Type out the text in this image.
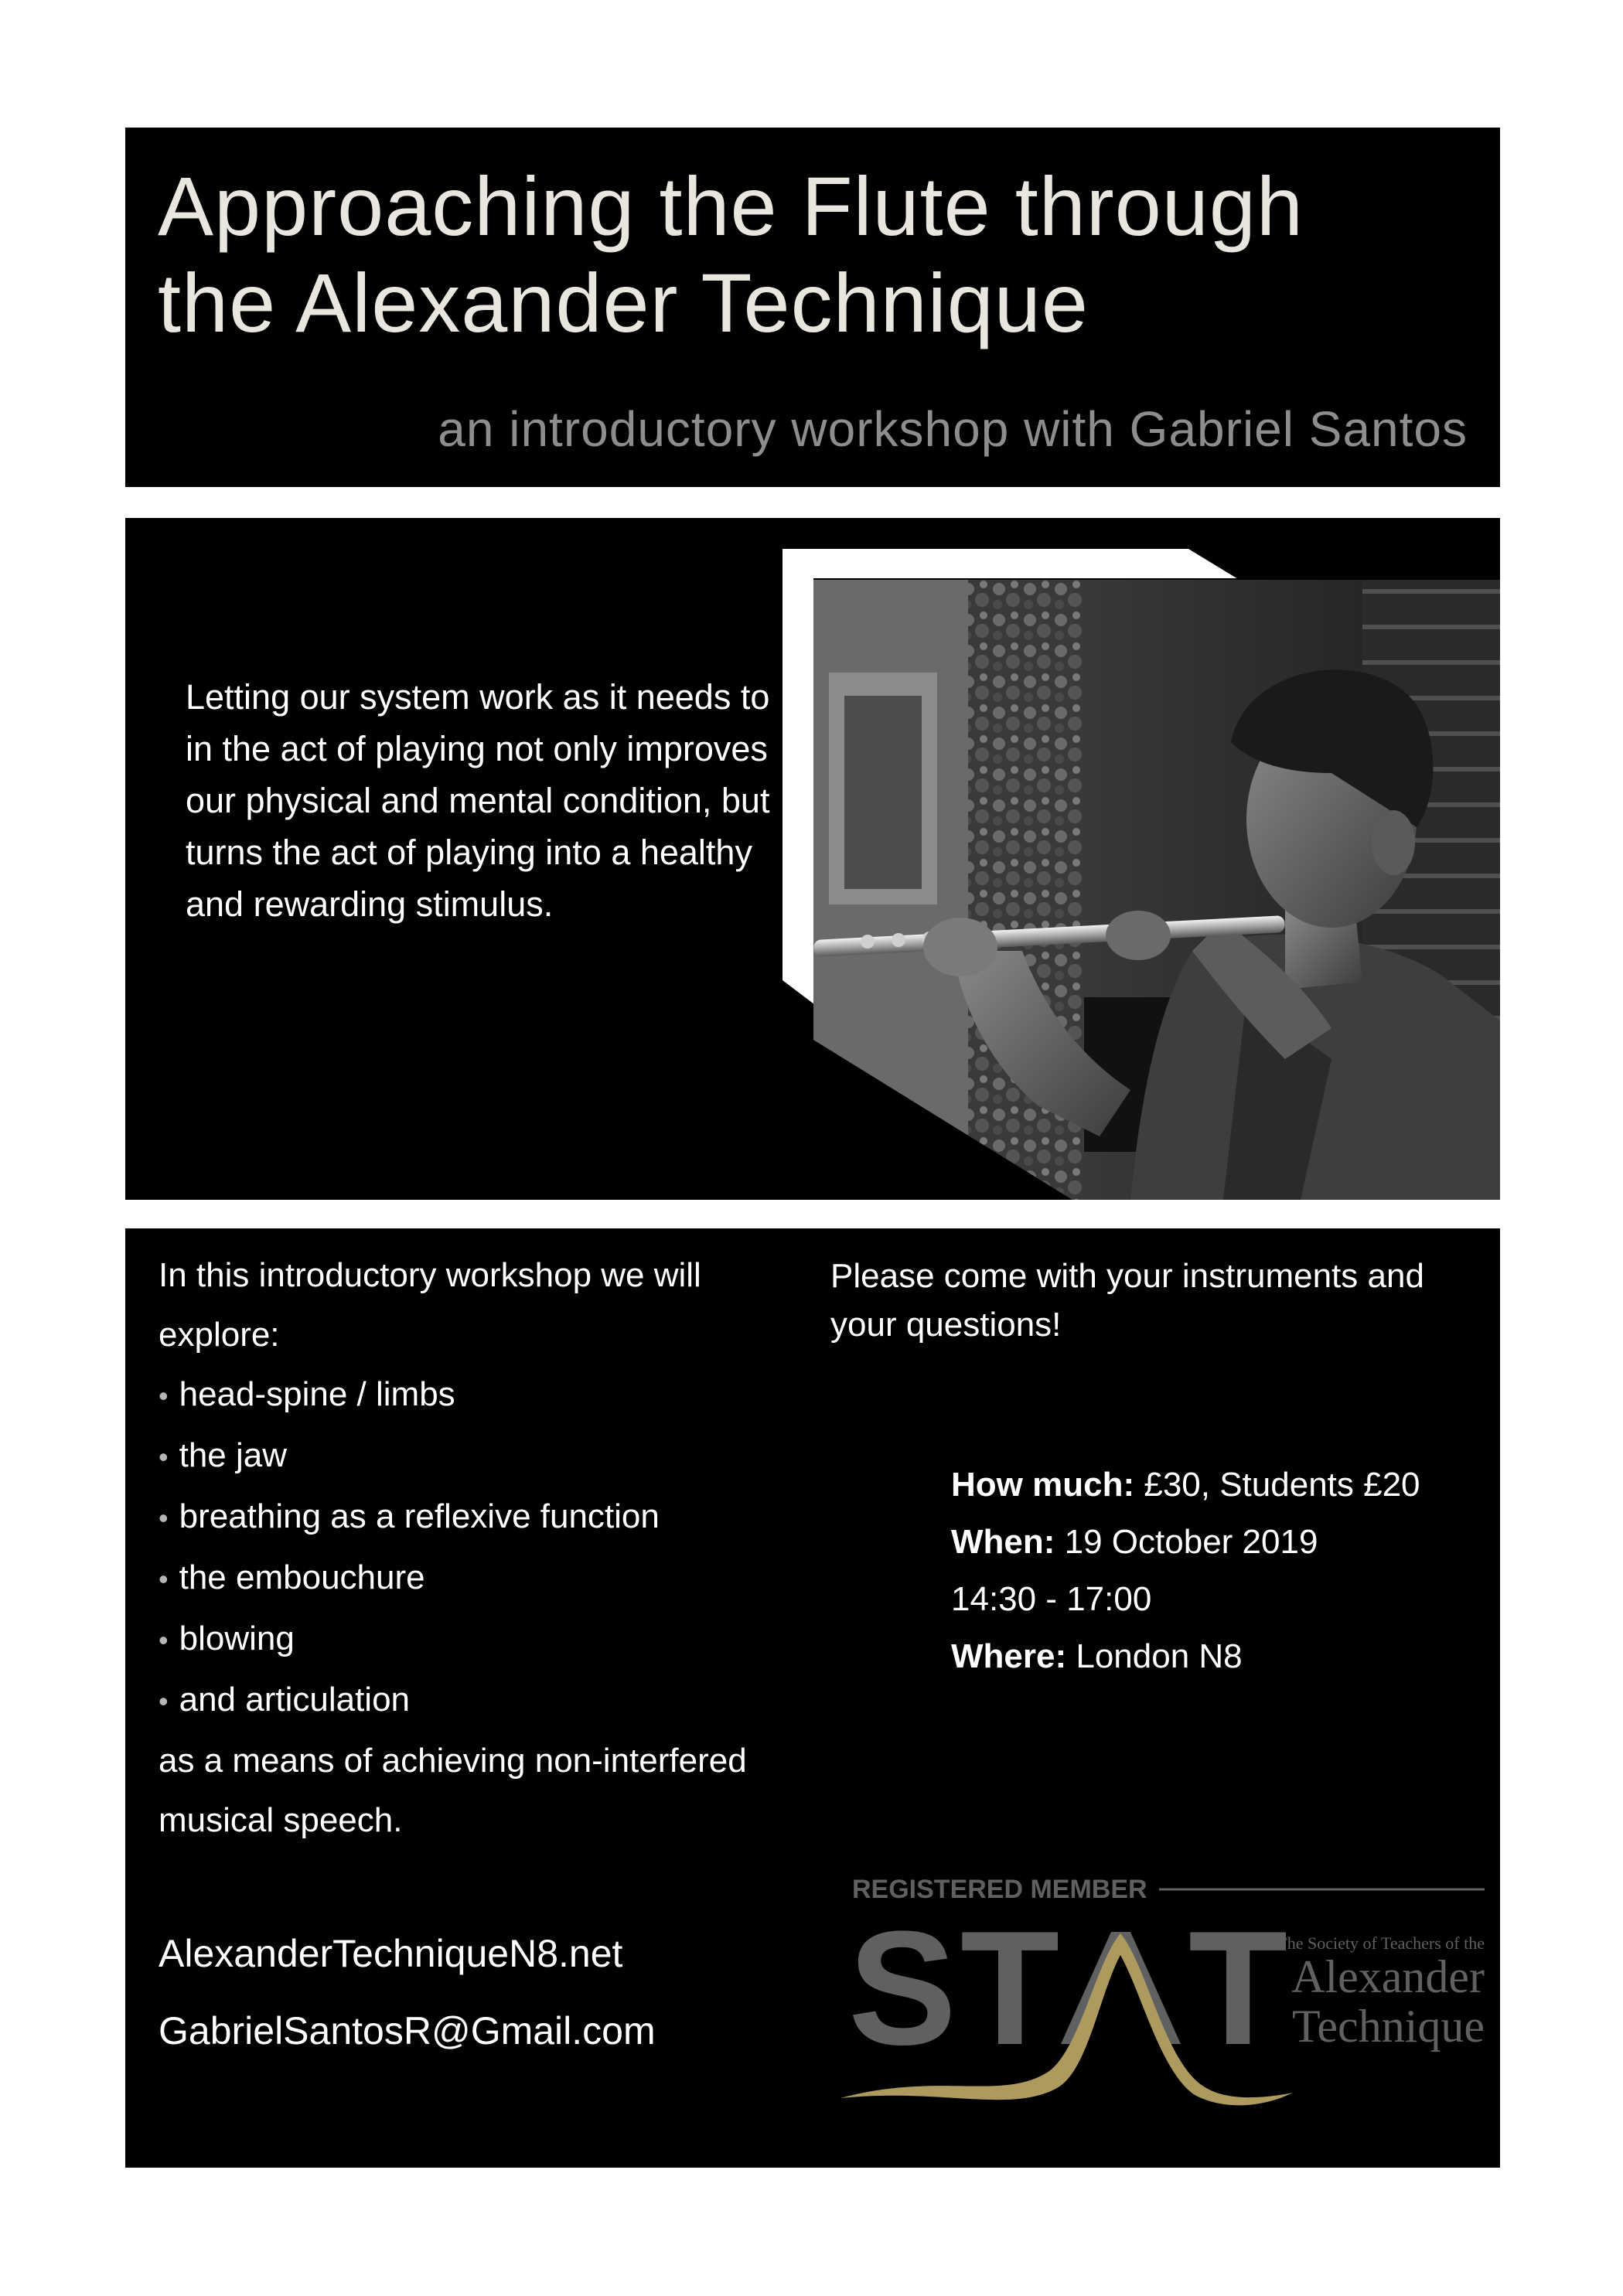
Approaching the Flute through
the Alexander Technique
an introductory workshop with Gabriel Santos

Letting our system work as it needs to in the act of playing not only improves our physical and mental condition, but turns the act of playing into a healthy and rewarding stimulus.

In this introductory workshop we will explore:

• head-spine / limbs
• the jaw
• breathing as a reflexive function
• the embouchure
• blowing
• and articulation

as a means of achieving non-interfered musical speech.

Please come with your instruments and your questions!

How much: £30, Students £20
When: 19 October 2019
14:30 - 17:00
Where: London N8
AlexanderTechniqueN8.net
GabrielSantosR@Gmail.com
REGISTERED MEMBER
S T T
The Society of Teachers of the
Alexander
Technique
